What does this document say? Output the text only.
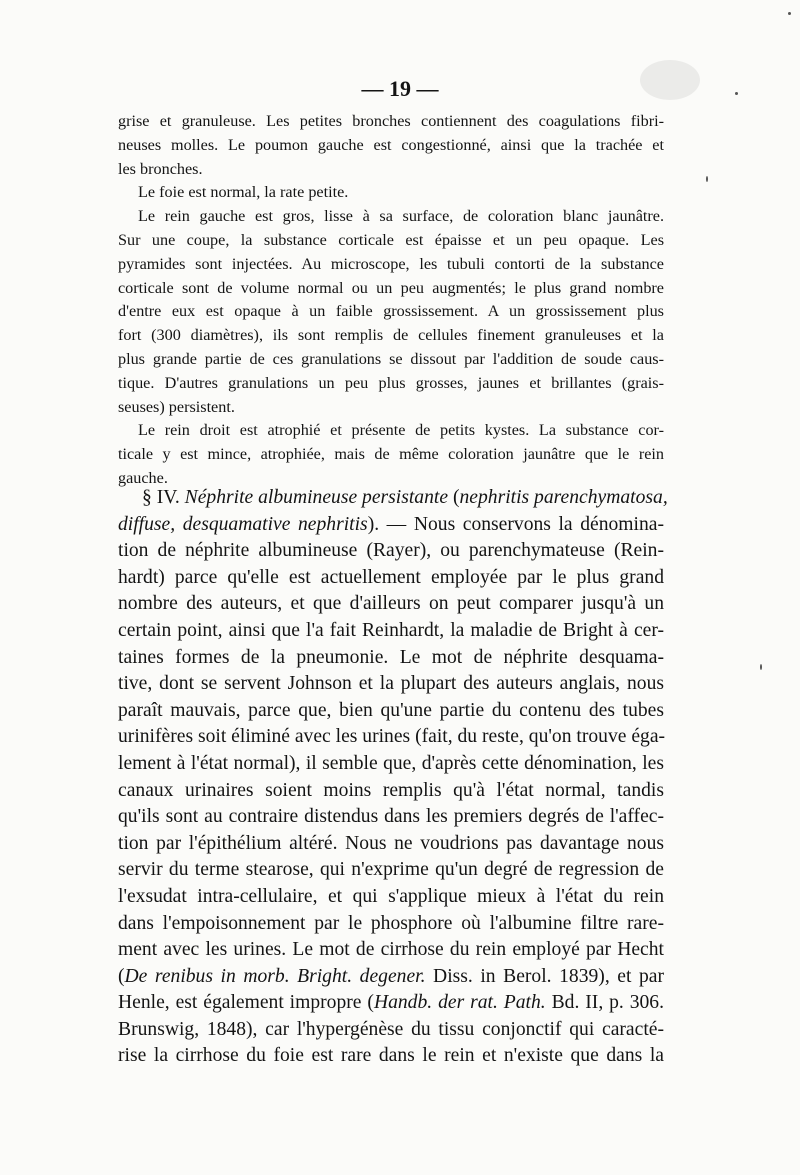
— 19 —

grise et granuleuse. Les petites bronches contiennent des coagulations fibri-
neuses molles. Le poumon gauche est congestionné, ainsi que la trachée et
les bronches.

Le foie est normal, la rate petite.

Le rein gauche est gros, lisse à sa surface, de coloration blanc jaunâtre.
Sur une coupe, la substance corticale est épaisse et un peu opaque. Les
pyramides sont injectées. Au microscope, les tubuli contorti de la substance
corticale sont de volume normal ou un peu augmentés; le plus grand nombre
d'entre eux est opaque à un faible grossissement. A un grossissement plus
fort (300 diamètres), ils sont remplis de cellules finement granuleuses et la
plus grande partie de ces granulations se dissout par l'addition de soude caus-
tique. D'autres granulations un peu plus grosses, jaunes et brillantes (grais-
seuses) persistent.

Le rein droit est atrophié et présente de petits kystes. La substance cor-
ticale y est mince, atrophiée, mais de même coloration jaunâtre que le rein
gauche.

§ IV. Néphrite albumineuse persistante (nephritis parenchymatosa,
diffuse, desquamative nephritis). — Nous conservons la dénomina-
tion de néphrite albumineuse (Rayer), ou parenchymateuse (Rein-
hardt) parce qu'elle est actuellement employée par le plus grand
nombre des auteurs, et que d'ailleurs on peut comparer jusqu'à un
certain point, ainsi que l'a fait Reinhardt, la maladie de Bright à cer-
taines formes de la pneumonie. Le mot de néphrite desquama-
tive, dont se servent Johnson et la plupart des auteurs anglais, nous
paraît mauvais, parce que, bien qu'une partie du contenu des tubes
urinifères soit éliminé avec les urines (fait, du reste, qu'on trouve éga-
lement à l'état normal), il semble que, d'après cette dénomination, les
canaux urinaires soient moins remplis qu'à l'état normal, tandis
qu'ils sont au contraire distendus dans les premiers degrés de l'affec-
tion par l'épithélium altéré. Nous ne voudrions pas davantage nous
servir du terme stearose, qui n'exprime qu'un degré de regression de
l'exsudat intra-cellulaire, et qui s'applique mieux à l'état du rein
dans l'empoisonnement par le phosphore où l'albumine filtre rare-
ment avec les urines. Le mot de cirrhose du rein employé par Hecht
(De renibus in morb. Bright. degener. Diss. in Berol. 1839), et par
Henle, est également impropre (Handb. der rat. Path. Bd. II, p. 306.
Brunswig, 1848), car l'hypergénèse du tissu conjonctif qui caracté-
rise la cirrhose du foie est rare dans le rein et n'existe que dans la
